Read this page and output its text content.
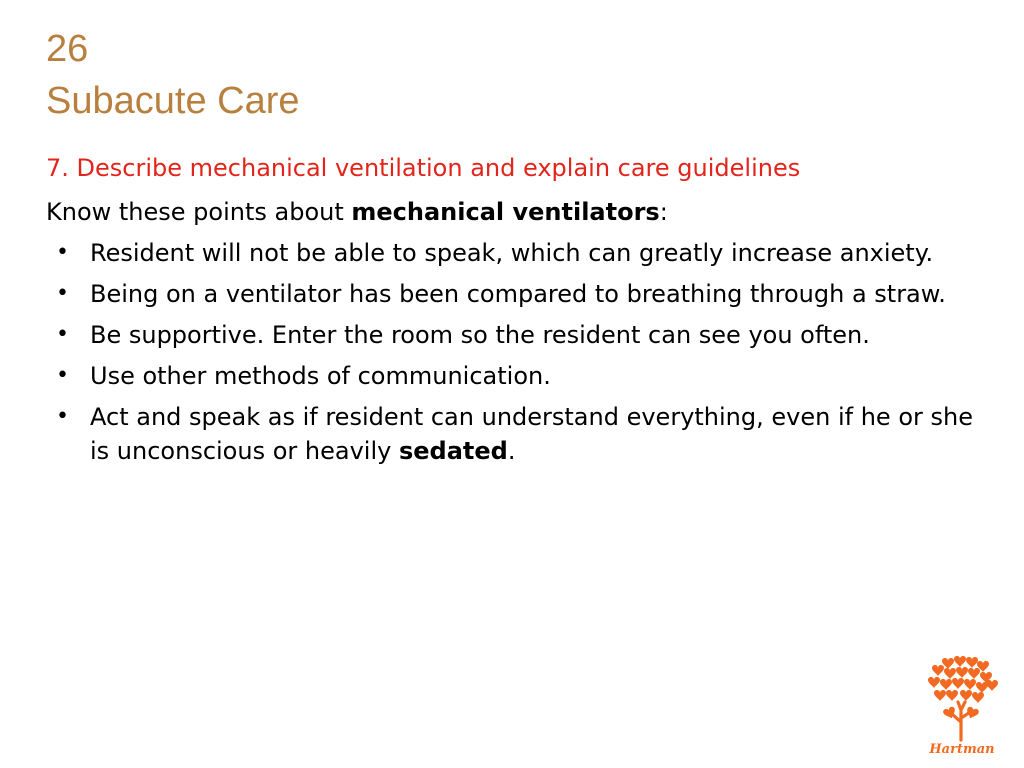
26
Subacute Care
7. Describe mechanical ventilation and explain care guidelines
Know these points about mechanical ventilators:
• Resident will not be able to speak, which can greatly increase anxiety.
• Being on a ventilator has been compared to breathing through a straw.
• Be supportive. Enter the room so the resident can see you often.
• Use other methods of communication.
• Act and speak as if resident can understand everything, even if he or she is unconscious or heavily sedated.
Hartman
